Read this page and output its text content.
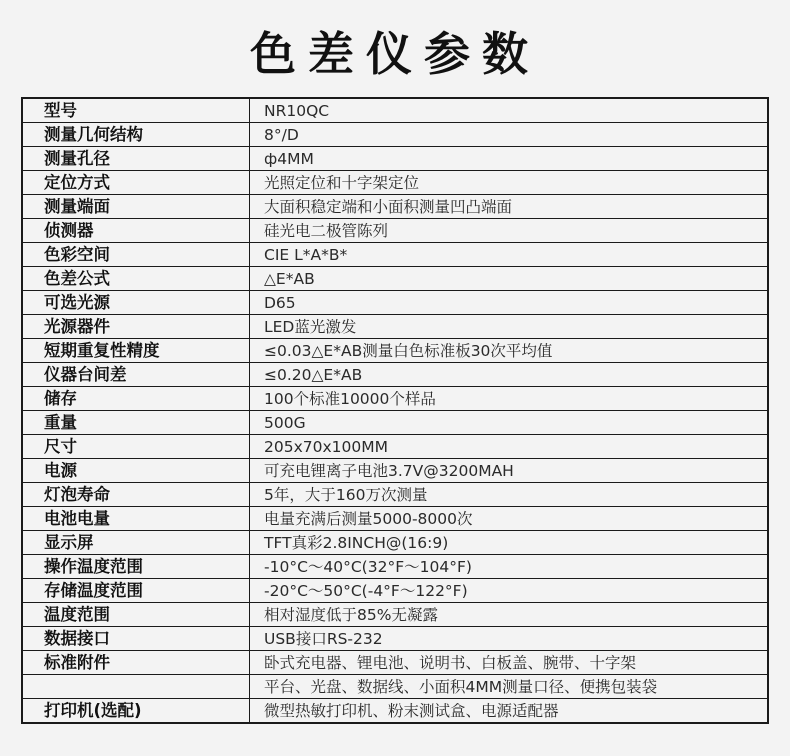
色差仪参数
型号	NR10QC
测量几何结构	8°/D
测量孔径	ф4MM
定位方式	光照定位和十字架定位
测量端面	大面积稳定端和小面积测量凹凸端面
侦测器	硅光电二极管陈列
色彩空间	CIE L*A*B*
色差公式	△E*AB
可选光源	D65
光源器件	LED蓝光激发
短期重复性精度	≤0.03△E*AB测量白色标准板30次平均值
仪器台间差	≤0.20△E*AB
储存	100个标准10000个样品
重量	500G
尺寸	205x70x100MM
电源	可充电锂离子电池3.7V@3200MAH
灯泡寿命	5年，大于160万次测量
电池电量	电量充满后测量5000-8000次
显示屏	TFT真彩2.8INCH@(16:9)
操作温度范围	-10°C～40°C(32°F～104°F)
存储温度范围	-20°C～50°C(-4°F～122°F)
温度范围	相对湿度低于85%无凝露
数据接口	USB接口RS-232
标准附件	卧式充电器、锂电池、说明书、白板盖、腕带、十字架
	平台、光盘、数据线、小面积4MM测量口径、便携包装袋
打印机(选配)	微型热敏打印机、粉末测试盒、电源适配器
